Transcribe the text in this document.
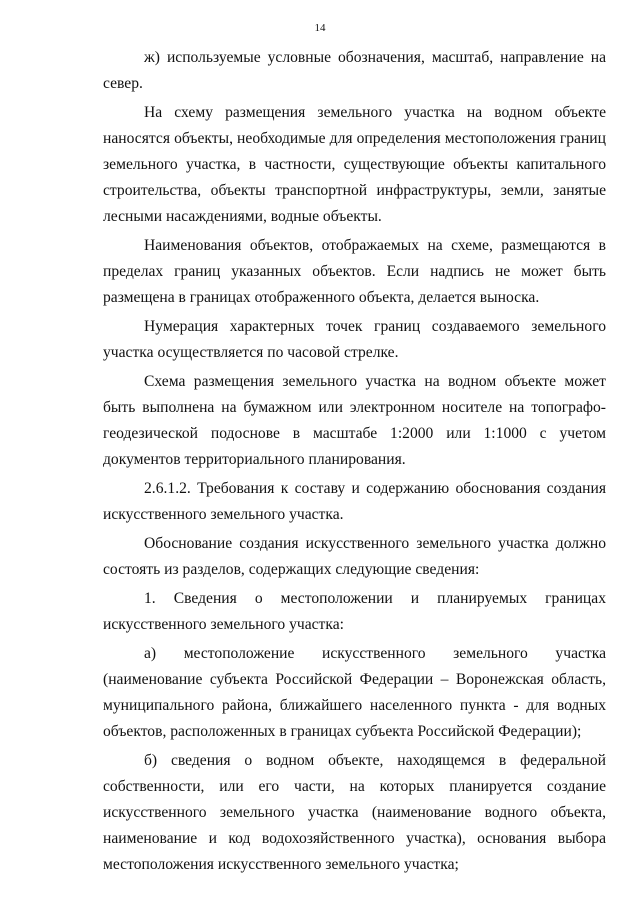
14

ж) используемые условные обозначения, масштаб, направление на север.

На схему размещения земельного участка на водном объекте наносятся объекты, необходимые для определения местоположения границ земельного участка, в частности, существующие объекты капитального строительства, объекты транспортной инфраструктуры, земли, занятые лесными насаждениями, водные объекты.

Наименования объектов, отображаемых на схеме, размещаются в пределах границ указанных объектов. Если надпись не может быть размещена в границах отображенного объекта, делается выноска.

Нумерация характерных точек границ создаваемого земельного участка осуществляется по часовой стрелке.

Схема размещения земельного участка на водном объекте может быть выполнена на бумажном или электронном носителе на топографо-геодезической подоснове в масштабе 1:2000 или 1:1000 с учетом документов территориального планирования.

2.6.1.2. Требования к составу и содержанию обоснования создания искусственного земельного участка.

Обоснование создания искусственного земельного участка должно состоять из разделов, содержащих следующие сведения:

1. Сведения о местоположении и планируемых границах искусственного земельного участка:

а) местоположение искусственного земельного участка (наименование субъекта Российской Федерации – Воронежская область, муниципального района, ближайшего населенного пункта - для водных объектов, расположенных в границах субъекта Российской Федерации);

б) сведения о водном объекте, находящемся в федеральной собственности, или его части, на которых планируется создание искусственного земельного участка (наименование водного объекта, наименование и код водохозяйственного участка), основания выбора местоположения искусственного земельного участка;
